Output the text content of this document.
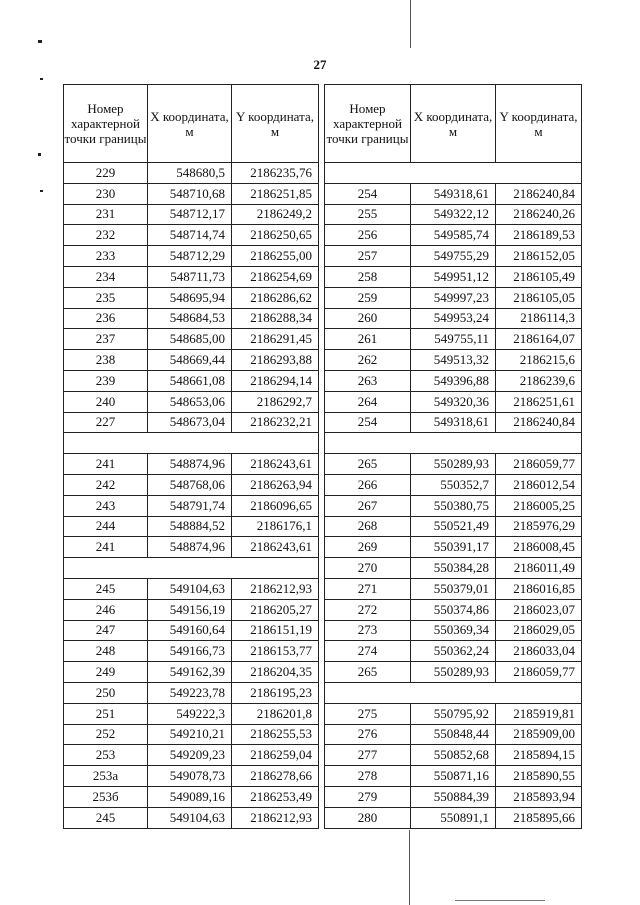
27
Номер характерной точки границы	X координата, м	Y координата, м
229	548680,5	2186235,76
230	548710,68	2186251,85
231	548712,17	2186249,2
232	548714,74	2186250,65
233	548712,29	2186255,00
234	548711,73	2186254,69
235	548695,94	2186286,62
236	548684,53	2186288,34
237	548685,00	2186291,45
238	548669,44	2186293,88
239	548661,08	2186294,14
240	548653,06	2186292,7
227	548673,04	2186232,21

241	548874,96	2186243,61
242	548768,06	2186263,94
243	548791,74	2186096,65
244	548884,52	2186176,1
241	548874,96	2186243,61

245	549104,63	2186212,93
246	549156,19	2186205,27
247	549160,64	2186151,19
248	549166,73	2186153,77
249	549162,39	2186204,35
250	549223,78	2186195,23
251	549222,3	2186201,8
252	549210,21	2186255,53
253	549209,23	2186259,04
253а	549078,73	2186278,66
253б	549089,16	2186253,49
245	549104,63	2186212,93
Номер характерной точки границы	X координата, м	Y координата, м

254	549318,61	2186240,84
255	549322,12	2186240,26
256	549585,74	2186189,53
257	549755,29	2186152,05
258	549951,12	2186105,49
259	549997,23	2186105,05
260	549953,24	2186114,3
261	549755,11	2186164,07
262	549513,32	2186215,6
263	549396,88	2186239,6
264	549320,36	2186251,61
254	549318,61	2186240,84

265	550289,93	2186059,77
266	550352,7	2186012,54
267	550380,75	2186005,25
268	550521,49	2185976,29
269	550391,17	2186008,45
270	550384,28	2186011,49
271	550379,01	2186016,85
272	550374,86	2186023,07
273	550369,34	2186029,05
274	550362,24	2186033,04
265	550289,93	2186059,77

275	550795,92	2185919,81
276	550848,44	2185909,00
277	550852,68	2185894,15
278	550871,16	2185890,55
279	550884,39	2185893,94
280	550891,1	2185895,66
